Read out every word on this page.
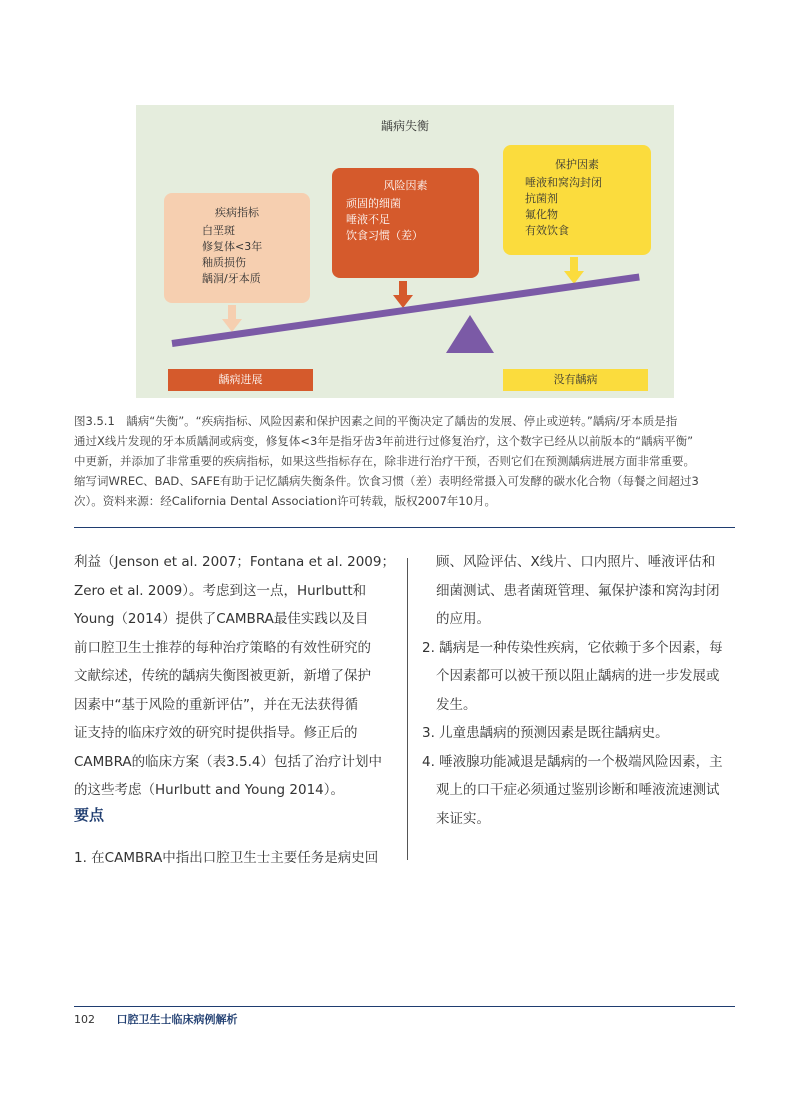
龋病失衡
疾病指标
白垩斑
修复体<3年
釉质损伤
龋洞/牙本质
风险因素
顽固的细菌
唾液不足
饮食习惯（差）
保护因素
唾液和窝沟封闭
抗菌剂
氟化物
有效饮食
龋病进展	没有龋病
图3.5.1　龋病“失衡”。“疾病指标、风险因素和保护因素之间的平衡决定了龋齿的发展、停止或逆转。”龋病/牙本质是指
通过X线片发现的牙本质龋洞或病变，修复体<3年是指牙齿3年前进行过修复治疗，这个数字已经从以前版本的“龋病平衡”
中更新，并添加了非常重要的疾病指标，如果这些指标存在，除非进行治疗干预，否则它们在预测龋病进展方面非常重要。
缩写词WREC、BAD、SAFE有助于记忆龋病失衡条件。饮食习惯（差）表明经常摄入可发酵的碳水化合物（每餐之间超过3
次）。资料来源：经California Dental Association许可转载，版权2007年10月。
利益（Jenson et al. 2007；Fontana et al. 2009；
Zero et al. 2009）。考虑到这一点，Hurlbutt和
Young（2014）提供了CAMBRA最佳实践以及目
前口腔卫生士推荐的每种治疗策略的有效性研究的
文献综述，传统的龋病失衡图被更新，新增了保护
因素中“基于风险的重新评估”，并在无法获得循
证支持的临床疗效的研究时提供指导。修正后的
CAMBRA的临床方案（表3.5.4）包括了治疗计划中
的这些考虑（Hurlbutt and Young 2014）。
要点
1. 在CAMBRA中指出口腔卫生士主要任务是病史回
顾、风险评估、X线片、口内照片、唾液评估和
细菌测试、患者菌斑管理、氟保护漆和窝沟封闭
的应用。
2. 龋病是一种传染性疾病，它依赖于多个因素，每
个因素都可以被干预以阻止龋病的进一步发展或
发生。
3. 儿童患龋病的预测因素是既往龋病史。
4. 唾液腺功能减退是龋病的一个极端风险因素，主
观上的口干症必须通过鉴别诊断和唾液流速测试
来证实。
102 口腔卫生士临床病例解析
